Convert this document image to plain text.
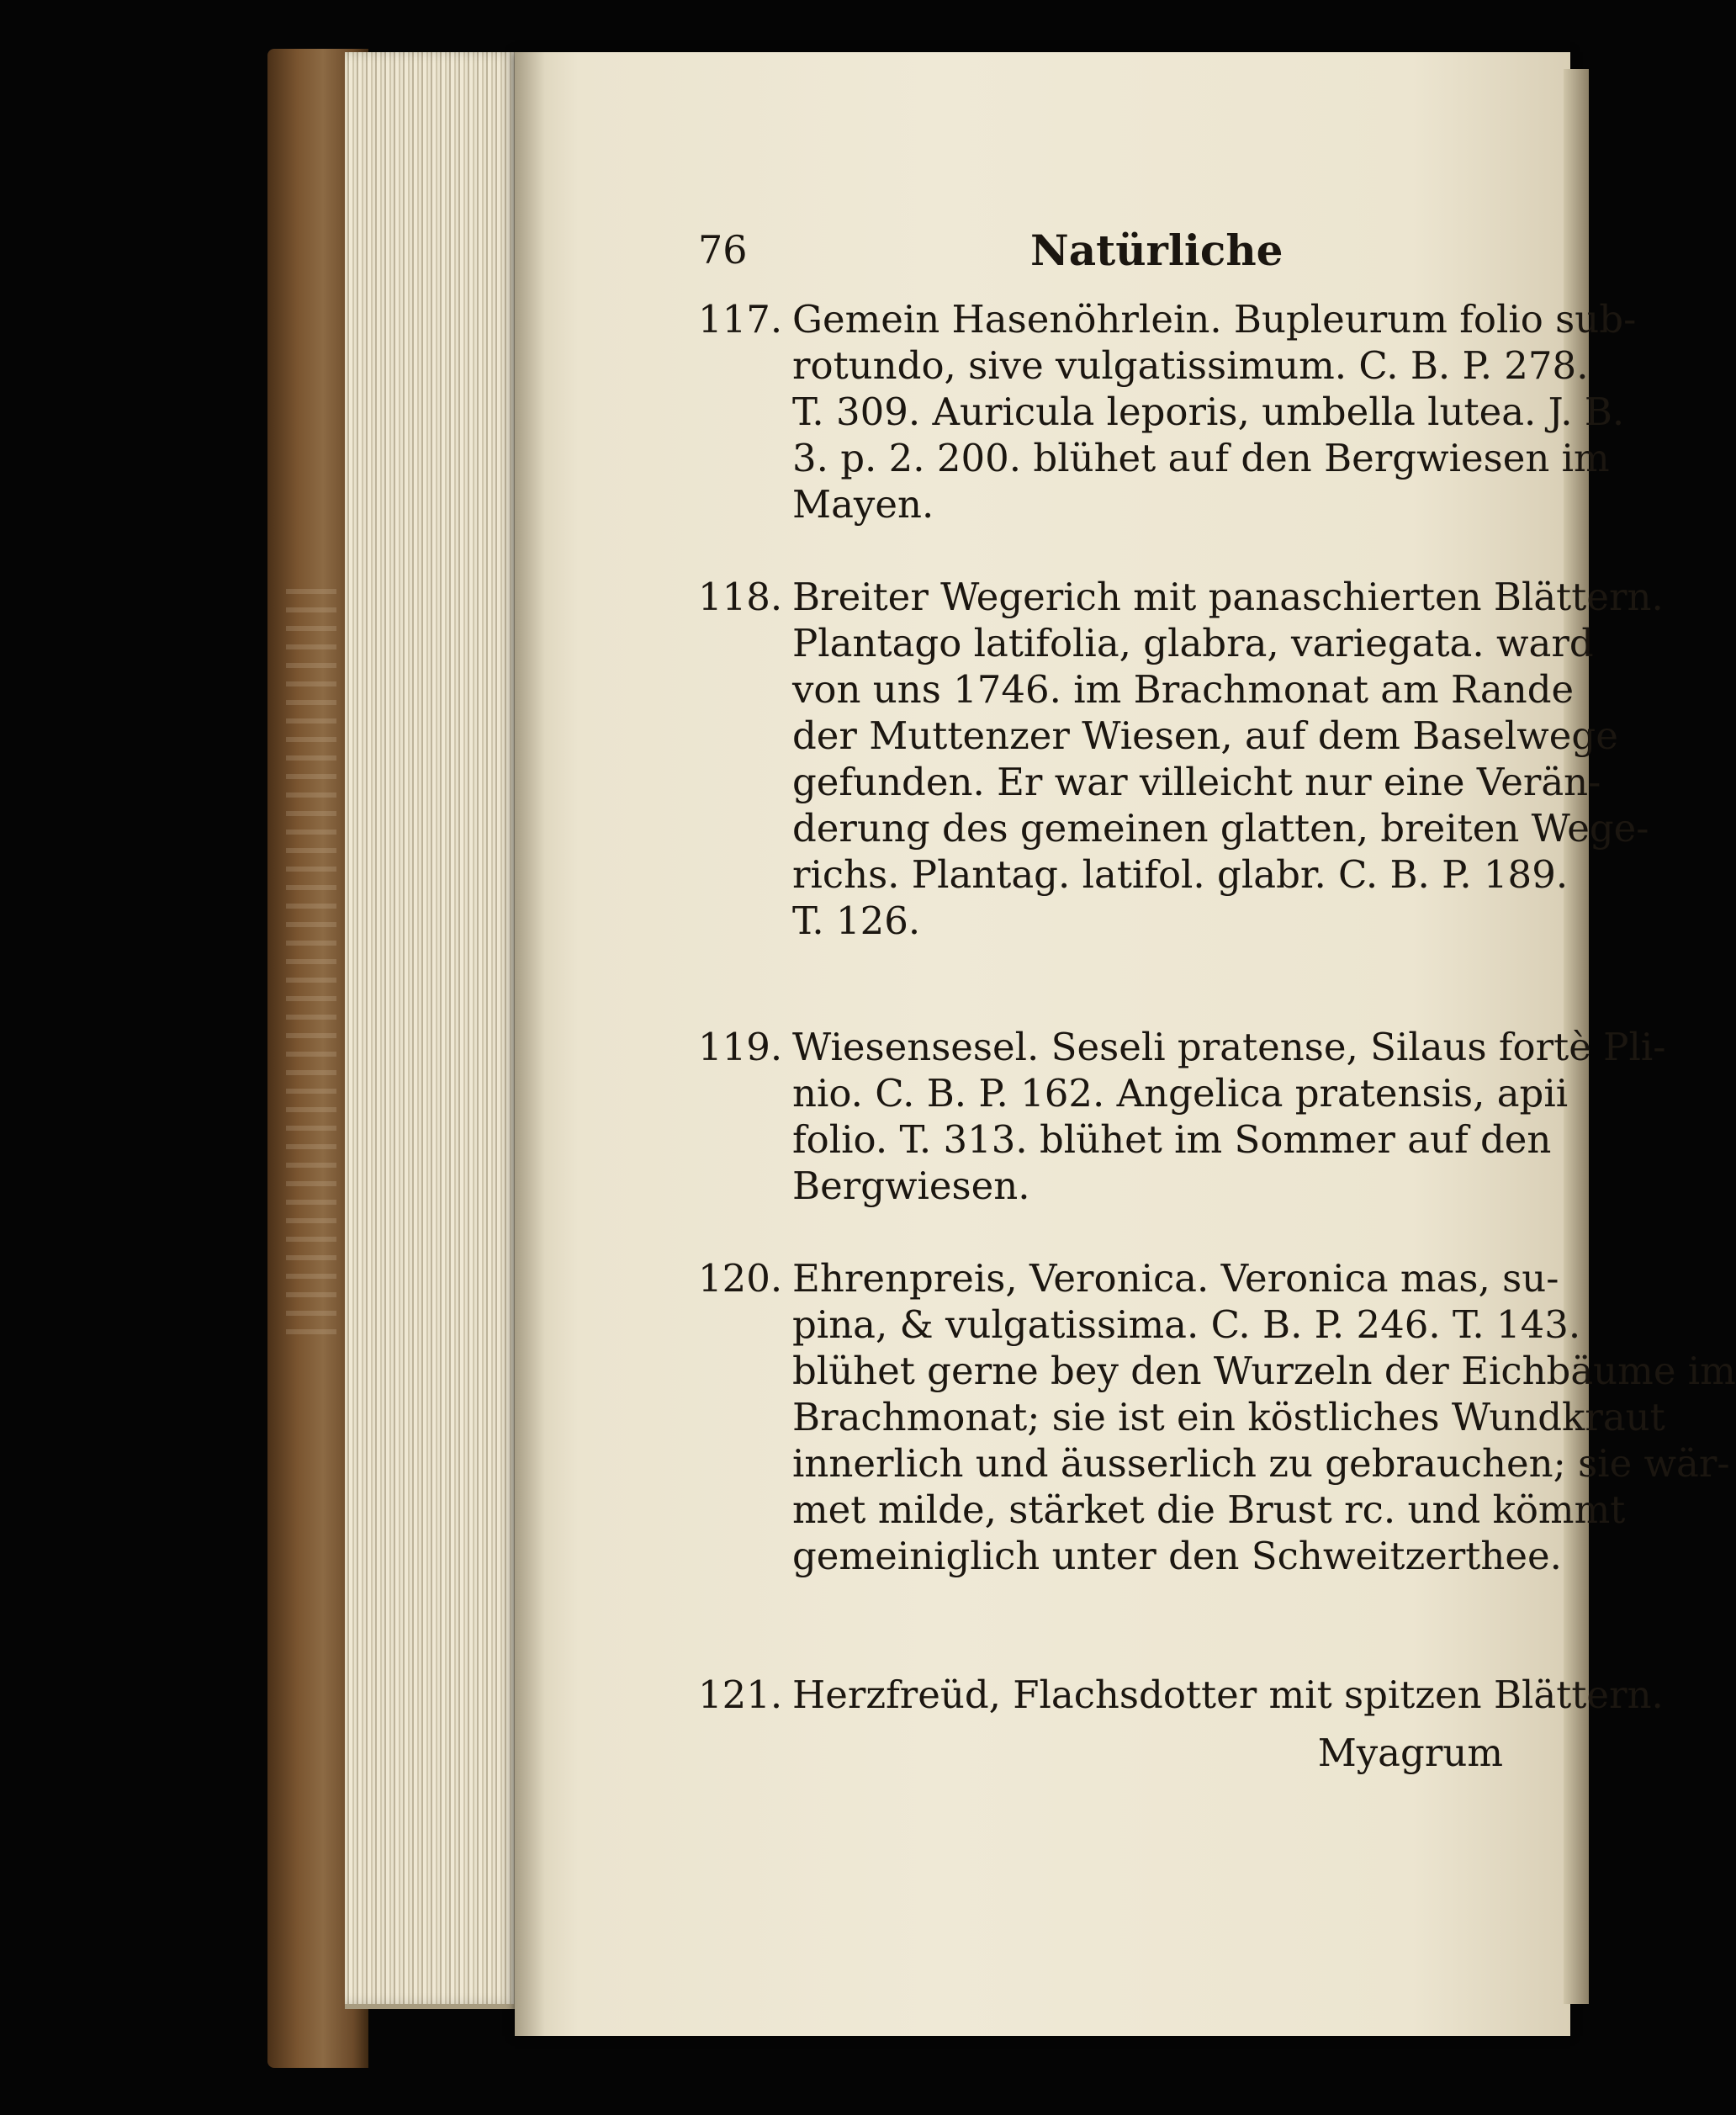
76	Natürliche
117. Gemein Hasenöhrlein. Bupleurum folio sub-
rotundo, sive vulgatissimum. C. B. P. 278.
T. 309. Auricula leporis, umbella lutea. J. B.
3. p. 2. 200. blühet auf den Bergwiesen im
Mayen.
118. Breiter Wegerich mit panaschierten Blättern.
Plantago latifolia, glabra, variegata. ward
von uns 1746. im Brachmonat am Rande
der Muttenzer Wiesen, auf dem Baselwege
gefunden. Er war villeicht nur eine Verän-
derung des gemeinen glatten, breiten Wege-
richs. Plantag. latifol. glabr. C. B. P. 189.
T. 126.
119. Wiesensesel. Seseli pratense, Silaus fortè Pli-
nio. C. B. P. 162. Angelica pratensis, apii
folio. T. 313. blühet im Sommer auf den
Bergwiesen.
120. Ehrenpreis, Veronica. Veronica mas, su-
pina, & vulgatissima. C. B. P. 246. T. 143.
blühet gerne bey den Wurzeln der Eichbäume im
Brachmonat; sie ist ein köstliches Wundkraut
innerlich und äusserlich zu gebrauchen; sie wär-
met milde, stärket die Brust rc. und kömmt
gemeiniglich unter den Schweitzerthee.
121. Herzfreüd, Flachsdotter mit spitzen Blättern.
Myagrum
